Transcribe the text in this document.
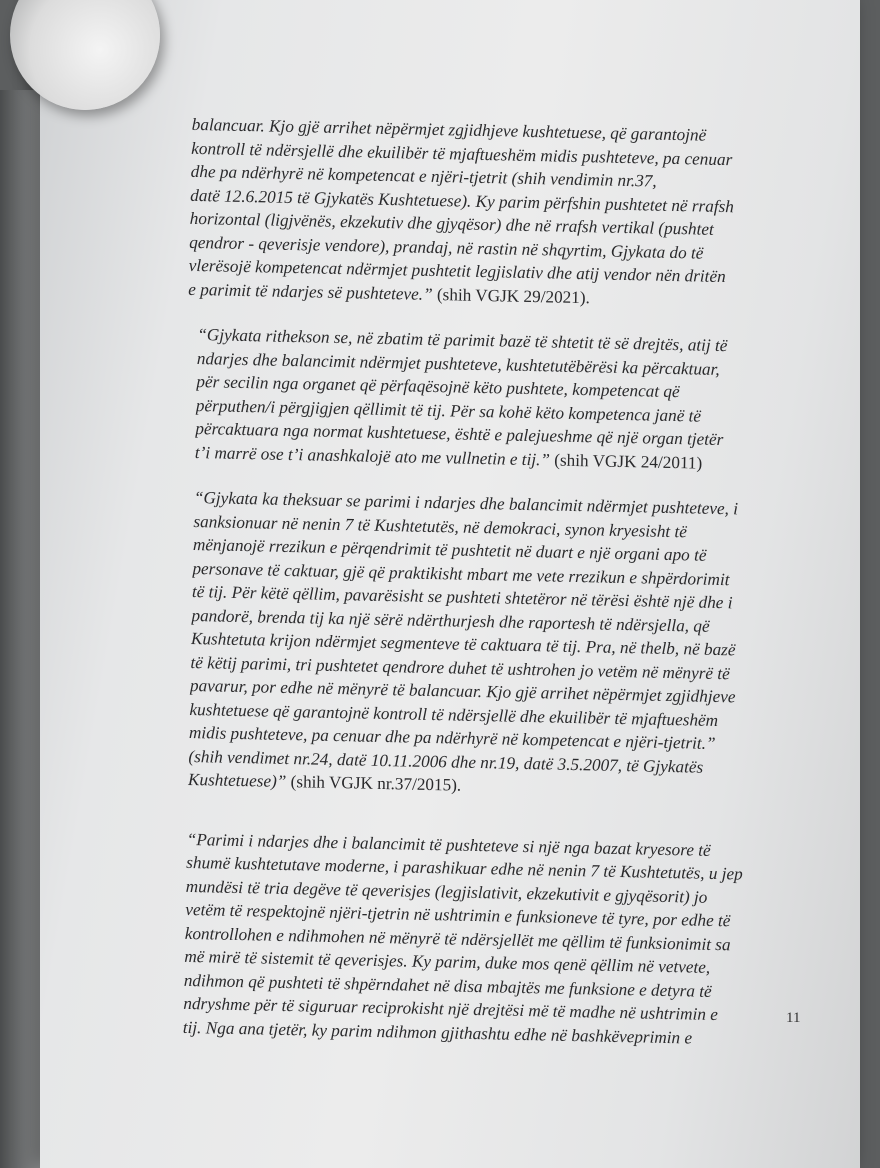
balancuar. Kjo gjë arrihet nëpërmjet zgjidhjeve kushtetuese, që garantojnë
kontroll të ndërsjellë dhe ekuilibër të mjaftueshëm midis pushteteve, pa cenuar
dhe pa ndërhyrë në kompetencat e njëri-tjetrit (shih vendimin nr.37,
datë 12.6.2015 të Gjykatës Kushtetuese). Ky parim përfshin pushtetet në rrafsh
horizontal (ligjvënës, ekzekutiv dhe gjyqësor) dhe në rrafsh vertikal (pushtet
qendror - qeverisje vendore), prandaj, në rastin në shqyrtim, Gjykata do të
vlerësojë kompetencat ndërmjet pushtetit legjislativ dhe atij vendor nën dritën
e parimit të ndarjes së pushteteve.” (shih VGJK 29/2021).
“Gjykata rithekson se, në zbatim të parimit bazë të shtetit të së drejtës, atij të
ndarjes dhe balancimit ndërmjet pushteteve, kushtetutëbërësi ka përcaktuar,
për secilin nga organet që përfaqësojnë këto pushtete, kompetencat që
përputhen/i përgjigjen qëllimit të tij. Për sa kohë këto kompetenca janë të
përcaktuara nga normat kushtetuese, është e palejueshme që një organ tjetër
t’i marrë ose t’i anashkalojë ato me vullnetin e tij.” (shih VGJK 24/2011)
“Gjykata ka theksuar se parimi i ndarjes dhe balancimit ndërmjet pushteteve, i
sanksionuar në nenin 7 të Kushtetutës, në demokraci, synon kryesisht të
mënjanojë rrezikun e përqendrimit të pushtetit në duart e një organi apo të
personave të caktuar, gjë që praktikisht mbart me vete rrezikun e shpërdorimit
të tij. Për këtë qëllim, pavarësisht se pushteti shtetëror në tërësi është një dhe i
pandorë, brenda tij ka një sërë ndërthurjesh dhe raportesh të ndërsjella, që
Kushtetuta krijon ndërmjet segmenteve të caktuara të tij. Pra, në thelb, në bazë
të këtij parimi, tri pushtetet qendrore duhet të ushtrohen jo vetëm në mënyrë të
pavarur, por edhe në mënyrë të balancuar. Kjo gjë arrihet nëpërmjet zgjidhjeve
kushtetuese që garantojnë kontroll të ndërsjellë dhe ekuilibër të mjaftueshëm
midis pushteteve, pa cenuar dhe pa ndërhyrë në kompetencat e njëri-tjetrit.”
(shih vendimet nr.24, datë 10.11.2006 dhe nr.19, datë 3.5.2007, të Gjykatës
Kushtetuese)” (shih VGJK nr.37/2015).
“Parimi i ndarjes dhe i balancimit të pushteteve si një nga bazat kryesore të
shumë kushtetutave moderne, i parashikuar edhe në nenin 7 të Kushtetutës, u jep
mundësi të tria degëve të qeverisjes (legjislativit, ekzekutivit e gjyqësorit) jo
vetëm të respektojnë njëri-tjetrin në ushtrimin e funksioneve të tyre, por edhe të
kontrollohen e ndihmohen në mënyrë të ndërsjellët me qëllim të funksionimit sa
më mirë të sistemit të qeverisjes. Ky parim, duke mos qenë qëllim në vetvete,
ndihmon që pushteti të shpërndahet në disa mbajtës me funksione e detyra të
ndryshme për të siguruar reciprokisht një drejtësi më të madhe në ushtrimin e
tij. Nga ana tjetër, ky parim ndihmon gjithashtu edhe në bashkëveprimin e	11
